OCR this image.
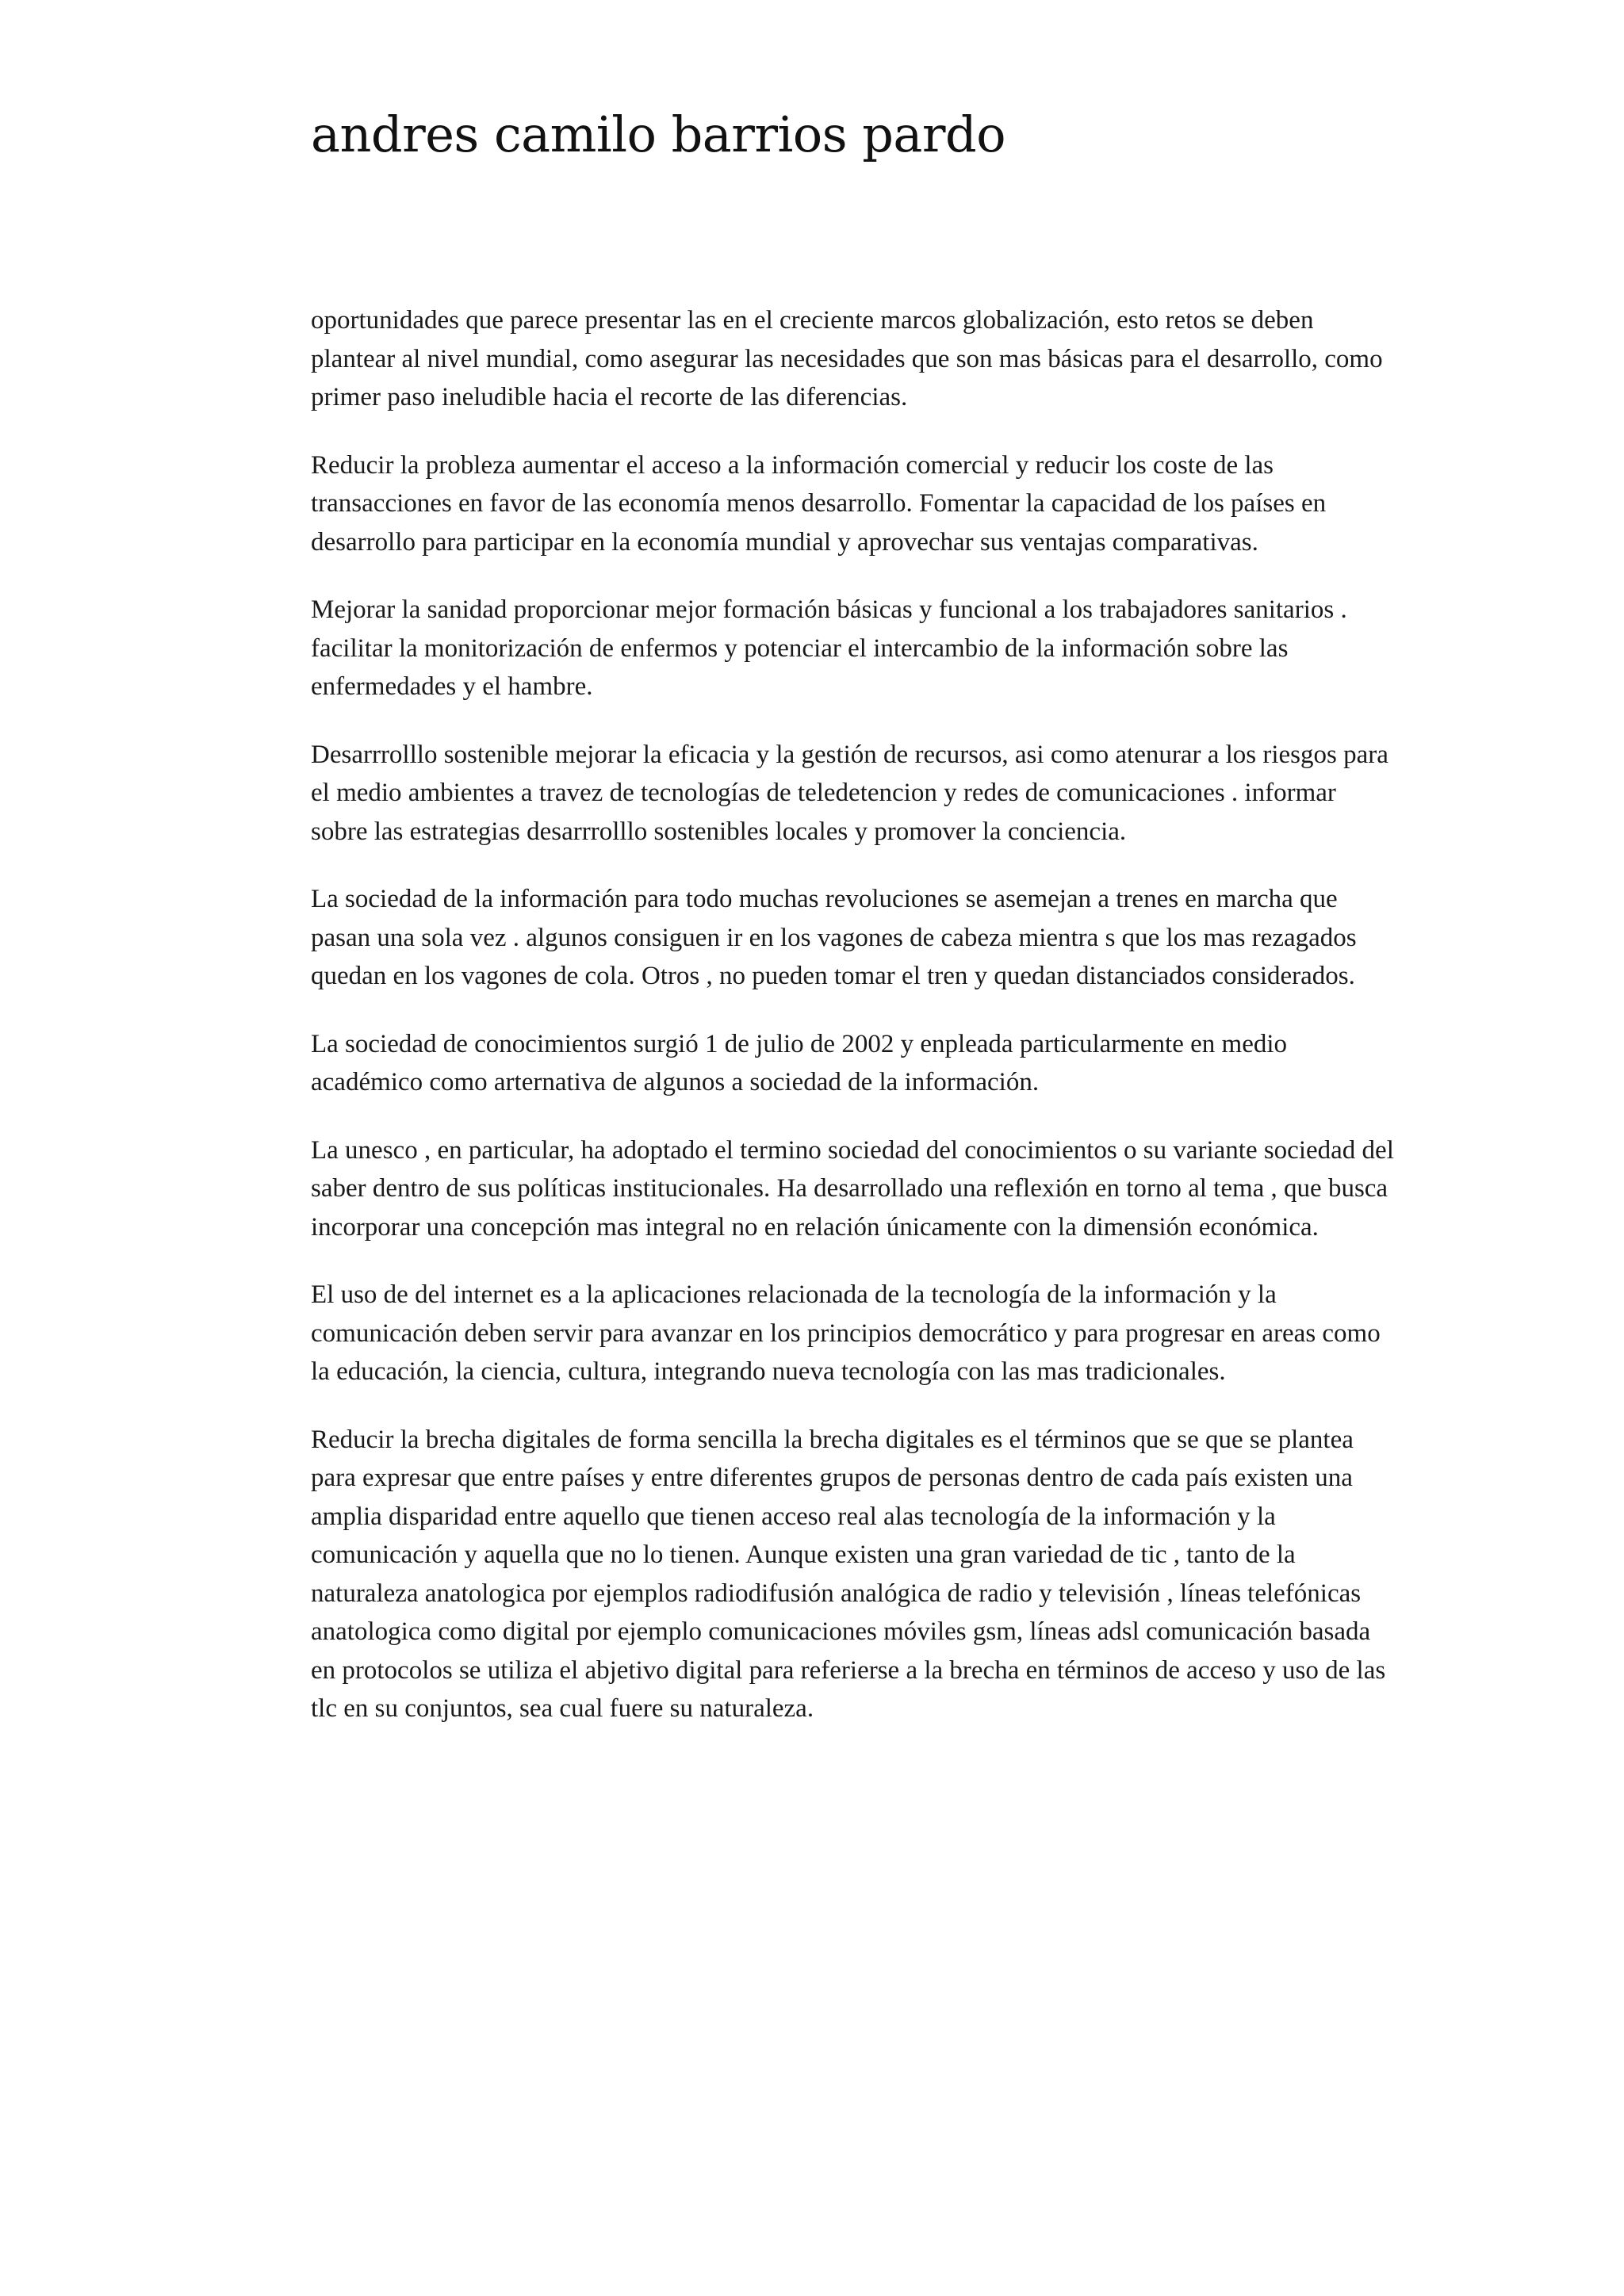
andres camilo barrios pardo

oportunidades que parece presentar las en el creciente marcos globalización, esto retos se deben plantear al nivel mundial, como asegurar las necesidades que son mas básicas para el desarrollo, como primer paso ineludible hacia el recorte de las diferencias.

Reducir la probleza aumentar el acceso a la información comercial y reducir los coste de las transacciones en favor de las economía menos desarrollo. Fomentar la capacidad de los países en desarrollo para participar en la economía mundial y aprovechar sus ventajas comparativas.

Mejorar la sanidad proporcionar mejor formación básicas y funcional a los trabajadores sanitarios . facilitar la monitorización de enfermos y potenciar el intercambio de la información sobre las enfermedades y el hambre.

Desarrrolllo sostenible mejorar la eficacia y la gestión de recursos, asi como atenurar a los riesgos para el medio ambientes a travez de tecnologías de teledetencion y redes de comunicaciones . informar sobre las estrategias desarrrolllo sostenibles locales y promover la conciencia.

La sociedad de la información para todo muchas revoluciones se asemejan a trenes en marcha que pasan una sola vez . algunos consiguen ir en los vagones de cabeza mientra s que los mas rezagados quedan en los vagones de cola. Otros , no pueden tomar el tren y quedan distanciados considerados.

La sociedad de conocimientos surgió 1 de julio de 2002 y enpleada particularmente en medio académico como arternativa de algunos a sociedad de la información.

La unesco , en particular, ha adoptado el termino sociedad del conocimientos o su variante sociedad del saber dentro de sus políticas institucionales. Ha desarrollado una reflexión en torno al tema , que busca incorporar una concepción mas integral no en relación únicamente con la dimensión económica.

El uso de del internet es a la aplicaciones relacionada de la tecnología de la información y la comunicación deben servir para avanzar en los principios democrático y para progresar en areas como la educación, la ciencia, cultura, integrando nueva tecnología con las mas tradicionales.

Reducir la brecha digitales de forma sencilla la brecha digitales es el términos que se que se plantea para expresar que entre países y entre diferentes grupos de personas dentro de cada país existen una amplia disparidad entre aquello que tienen acceso real alas tecnología de la información y la comunicación y aquella que no lo tienen. Aunque existen una gran variedad de tic , tanto de la naturaleza anatologica por ejemplos radiodifusión analógica de radio y televisión , líneas telefónicas anatologica como digital por ejemplo comunicaciones móviles gsm, líneas adsl comunicación basada en protocolos se utiliza el abjetivo digital para referierse a la brecha en términos de acceso y uso de las tlc en su conjuntos, sea cual fuere su naturaleza.
